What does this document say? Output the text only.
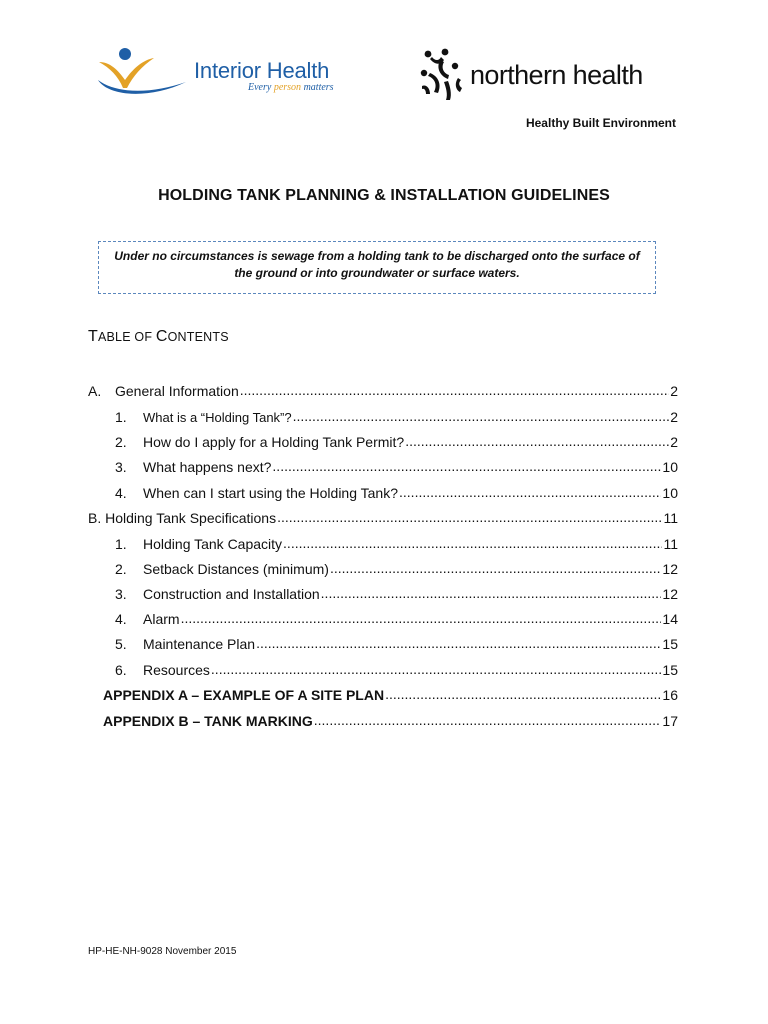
Interior Health
Every person matters	northern health
Healthy Built Environment
HOLDING TANK PLANNING & INSTALLATION GUIDELINES
Under no circumstances is sewage from a holding tank to be discharged onto the surface of the ground or into groundwater or surface waters.
TABLE OF CONTENTS
A. General Information .....	2
1.	What is a “Holding Tank”? .....	2
2.	How do I apply for a Holding Tank Permit? .....	2
3.	What happens next? .....	10
4.	When can I start using the Holding Tank? .....	10
B. Holding Tank Specifications .....	11
1.	Holding Tank Capacity .....	11
2.	Setback Distances (minimum) .....	12
3.	Construction and Installation .....	12
4.	Alarm .....	14
5.	Maintenance Plan .....	15
6.	Resources .....	15
APPENDIX A – EXAMPLE OF A SITE PLAN .....	16
APPENDIX B – TANK MARKING .....	17
HP-HE-NH-9028 November 2015
